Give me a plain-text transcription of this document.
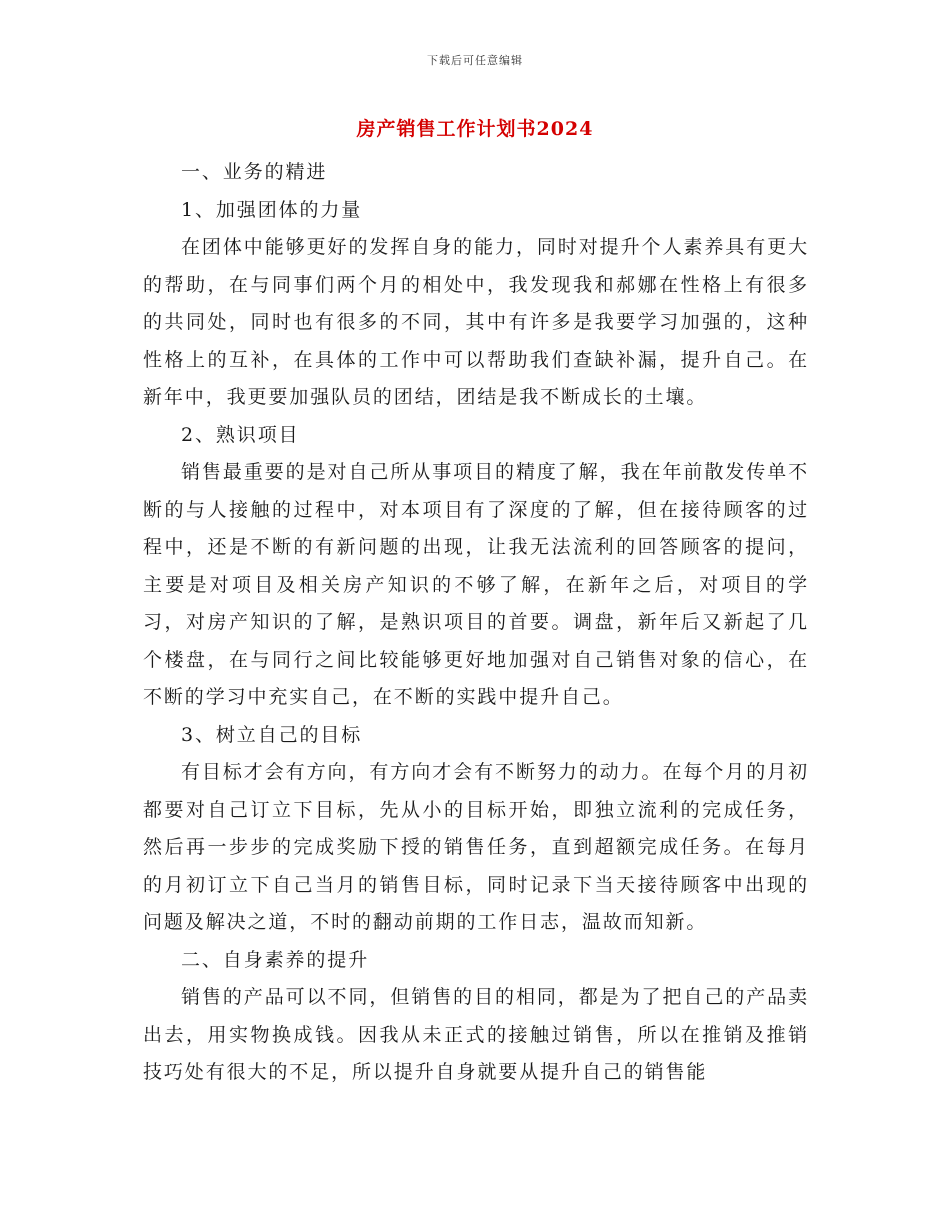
下载后可任意编辑
房产销售工作计划书2024

一、业务的精进

1、加强团体的力量

在团体中能够更好的发挥自身的能力，同时对提升个人素养具有更大的帮助，在与同事们两个月的相处中，我发现我和郝娜在性格上有很多的共同处，同时也有很多的不同，其中有许多是我要学习加强的，这种性格上的互补，在具体的工作中可以帮助我们查缺补漏，提升自己。在新年中，我更要加强队员的团结，团结是我不断成长的土壤。

2、熟识项目

销售最重要的是对自己所从事项目的精度了解，我在年前散发传单不断的与人接触的过程中，对本项目有了深度的了解，但在接待顾客的过程中，还是不断的有新问题的出现，让我无法流利的回答顾客的提问，主要是对项目及相关房产知识的不够了解，在新年之后，对项目的学习，对房产知识的了解，是熟识项目的首要。调盘，新年后又新起了几个楼盘，在与同行之间比较能够更好地加强对自己销售对象的信心，在不断的学习中充实自己，在不断的实践中提升自己。

3、树立自己的目标

有目标才会有方向，有方向才会有不断努力的动力。在每个月的月初都要对自己订立下目标，先从小的目标开始，即独立流利的完成任务，然后再一步步的完成奖励下授的销售任务，直到超额完成任务。在每月的月初订立下自己当月的销售目标，同时记录下当天接待顾客中出现的问题及解决之道，不时的翻动前期的工作日志，温故而知新。

二、自身素养的提升

销售的产品可以不同，但销售的目的相同，都是为了把自己的产品卖出去，用实物换成钱。因我从未正式的接触过销售，所以在推销及推销技巧处有很大的不足，所以提升自身就要从提升自己的销售能
